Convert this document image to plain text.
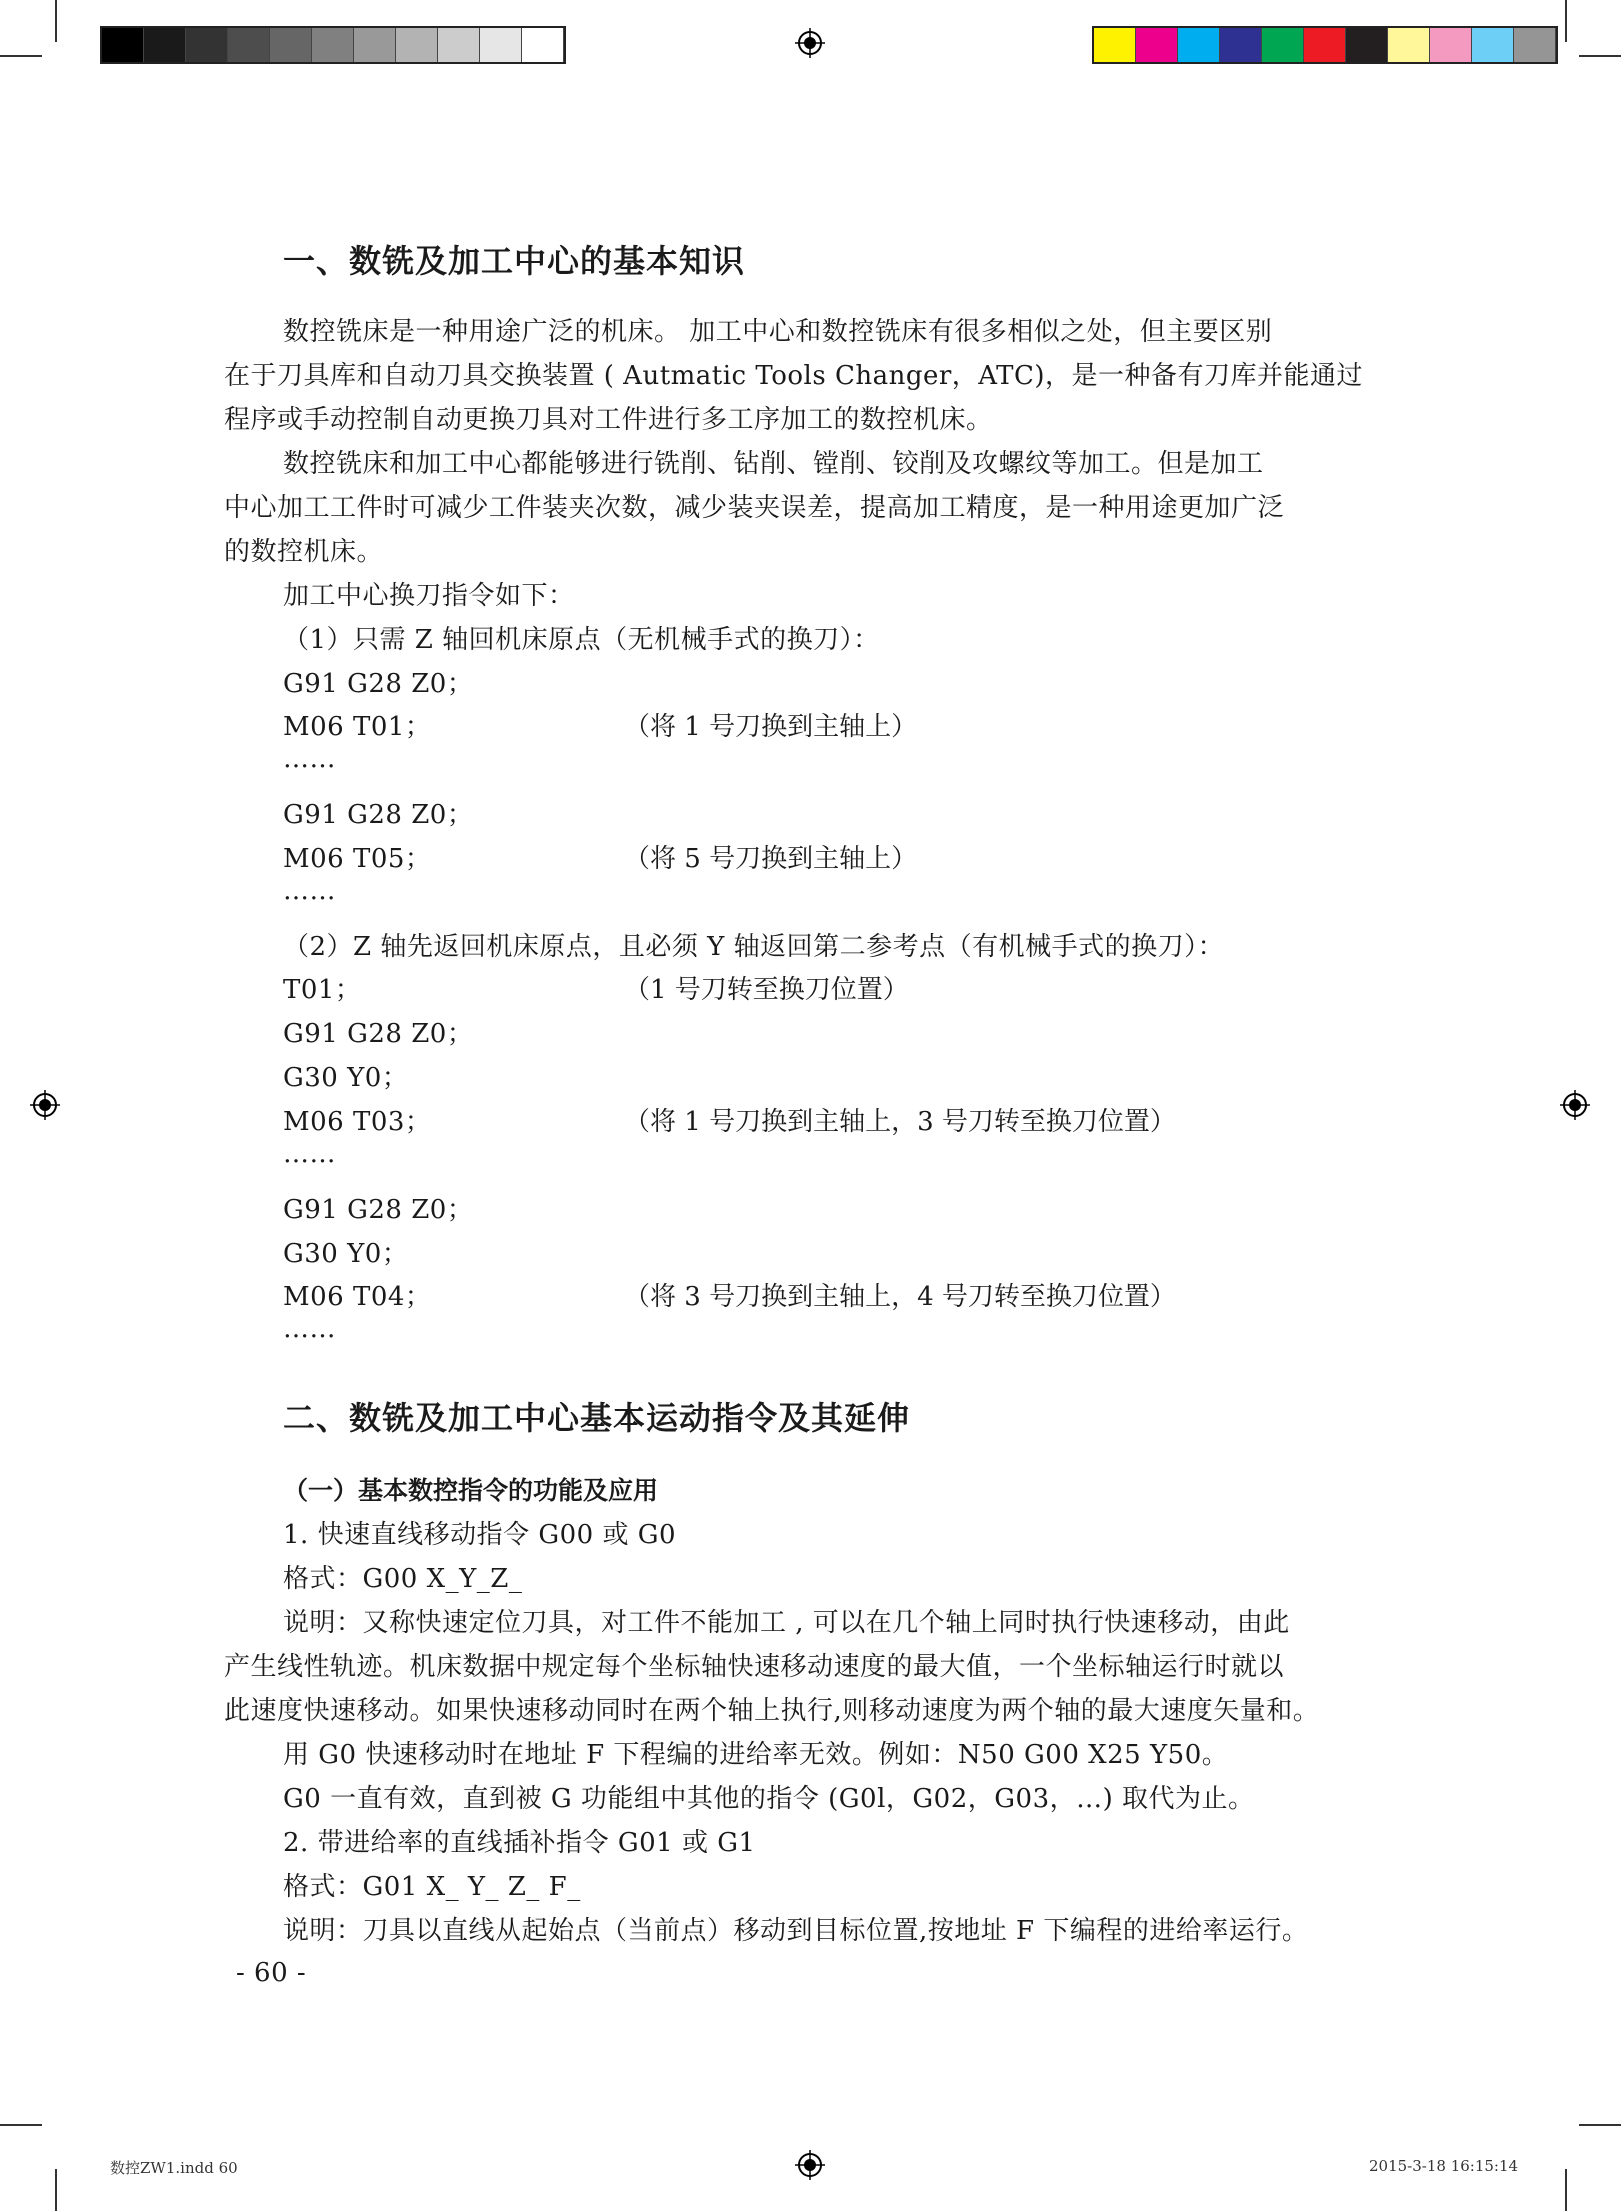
一、数铣及加工中心的基本知识
数控铣床是一种用途广泛的机床。 加工中心和数控铣床有很多相似之处，但主要区别
在于刀具库和自动刀具交换装置 ( Autmatic Tools Changer，ATC)，是一种备有刀库并能通过
程序或手动控制自动更换刀具对工件进行多工序加工的数控机床。
数控铣床和加工中心都能够进行铣削、钻削、镗削、铰削及攻螺纹等加工。但是加工
中心加工工件时可减少工件装夹次数，减少装夹误差，提高加工精度，是一种用途更加广泛
的数控机床。
加工中心换刀指令如下：
（1）只需 Z 轴回机床原点（无机械手式的换刀）：
G91 G28 Z0；
M06 T01；	（将 1 号刀换到主轴上）
……
G91 G28 Z0；
M06 T05；	（将 5 号刀换到主轴上）
……
（2）Z 轴先返回机床原点，且必须 Y 轴返回第二参考点（有机械手式的换刀）：
T01；	（1 号刀转至换刀位置）
G91 G28 Z0；
G30 Y0；
M06 T03；	（将 1 号刀换到主轴上，3 号刀转至换刀位置）
……
G91 G28 Z0；
G30 Y0；
M06 T04；	（将 3 号刀换到主轴上，4 号刀转至换刀位置）
……
二、数铣及加工中心基本运动指令及其延伸
（一）基本数控指令的功能及应用
1. 快速直线移动指令 G00 或 G0
格式：G00 X_Y_Z_
说明：又称快速定位刀具，对工件不能加工 , 可以在几个轴上同时执行快速移动，由此
产生线性轨迹。机床数据中规定每个坐标轴快速移动速度的最大值，一个坐标轴运行时就以
此速度快速移动。如果快速移动同时在两个轴上执行,则移动速度为两个轴的最大速度矢量和。
用 G0 快速移动时在地址 F 下程编的进给率无效。例如：N50 G00 X25 Y50。
G0 一直有效，直到被 G 功能组中其他的指令 (G0l，G02，G03，…) 取代为止。
2. 带进给率的直线插补指令 G01 或 G1
格式：G01 X_ Y_ Z_ F_
说明：刀具以直线从起始点（当前点）移动到目标位置,按地址 F 下编程的进给率运行。
- 60 -
数控ZW1.indd 60	2015-3-18 16:15:14
